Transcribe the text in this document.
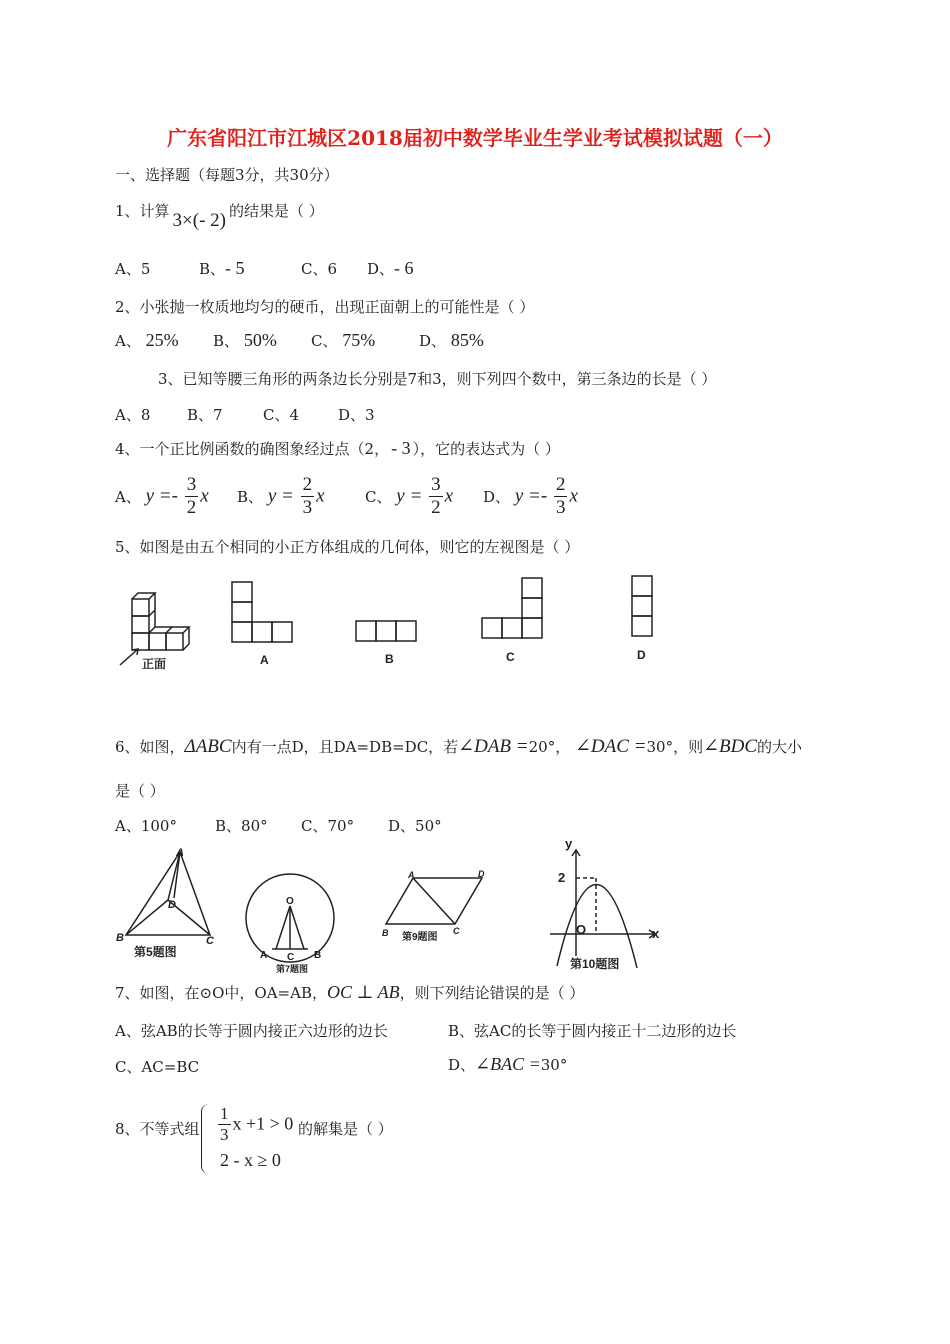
广东省阳江市江城区2018届初中数学毕业生学业考试模拟试题（一）
一、选择题（每题3分，共30分）
1、计算 3×(- 2) 的结果是（ ）
A、5	B、- 5	C、6 D、- 6
2、小张抛一枚质地均匀的硬币，出现正面朝上的可能性是（ ）
A、 25% B、 50% C、 75%	D、 85%
3、已知等腰三角形的两条边长分别是7和3，则下列四个数中，第三条边的长是（ ）
A、8 B、7	C、4	D、3
4、一个正比例函数的确图象经过点（2， - 3 ），它的表达式为（ ）
A、 $y =- \frac{3}{2}$ x B、 $y = \frac{2}{3}$ x	C、 $y = \frac{3}{2}$ x D、 $y =- \frac{2}{3}$ x
5、如图是由五个相同的小正方体组成的几何体，则它的左视图是（ ）
正面	A	B	C	D
6、如图，ΔABC内有一点D，且DA=DB=DC，若∠DAB =20°， ∠DAC =30°，则∠BDC的大小
是（ ）
A、100°	B、80° C、70° D、50°
A
B	C
D
第5题图
O
A	B
C
第7题图
A	D
B	C
第9题图
y
x
O
2
第10题图
7、如图，在⊙O中，OA=AB，OC ⊥ AB，则下列结论错误的是（ ）
A、弦AB的长等于圆内接正六边形的边长	B、弦AC的长等于圆内接正十二边形的边长
C、AC=BC	D、∠BAC =30°
8、不等式组 $\frac{1}{3}$ x +1 > 0
2 - x ≥ 0
的解集是（ ）
